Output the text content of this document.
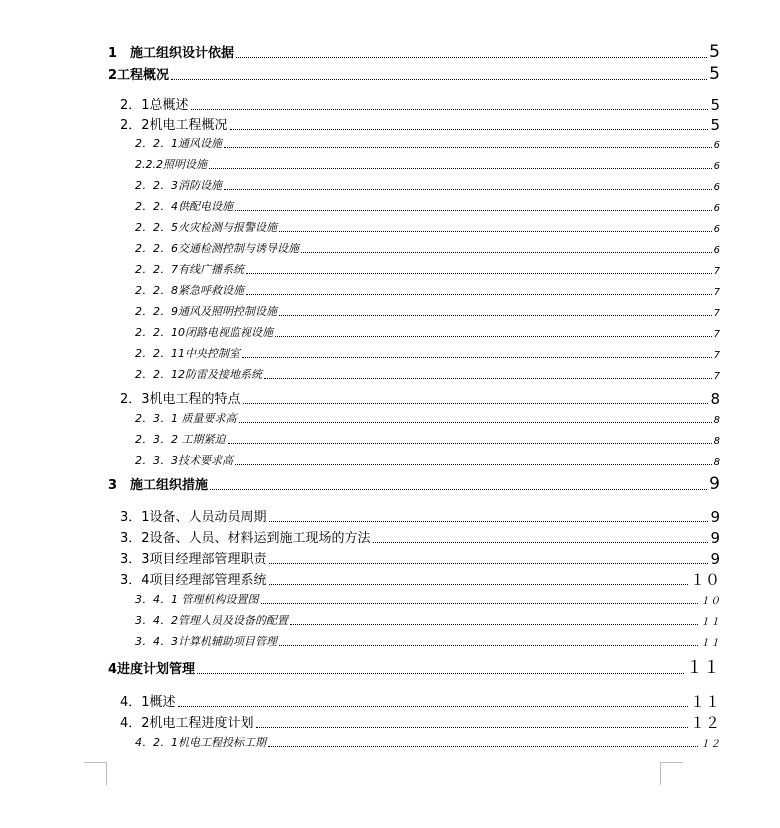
1　施工组织设计依据	5
2工程概况	5
2．1总概述	5
2．2机电工程概况	5
2．2．1通风设施	6
2.2.2照明设施	6
2．2．3消防设施	6
2．2．4供配电设施	6
2．2．5火灾检测与报警设施	6
2．2．6交通检测控制与诱导设施	6
2．2．7有线广播系统	7
2．2．8紧急呼救设施	7
2．2．9通风及照明控制设施	7
2．2．10闭路电视监视设施	7
2．2．11中央控制室	7
2．2．12防雷及接地系统	7
2．3机电工程的特点	8
2．3．1 质量要求高	8
2．3．2 工期紧迫	8
2．3．3技术要求高	8
3　施工组织措施	9
3．1设备、人员动员周期	9
3．2设备、人员、材料运到施工现场的方法	9
3．3项目经理部管理职责	9
3．4项目经理部管理系统	１０
3．4．1 管理机构设置图	１０
3．4．2管理人员及设备的配置	１１
3．4．3计算机辅助项目管理	１１
4进度计划管理	１１
4．1概述	１１
4．2机电工程进度计划	１２
4．2．1机电工程投标工期	１２
